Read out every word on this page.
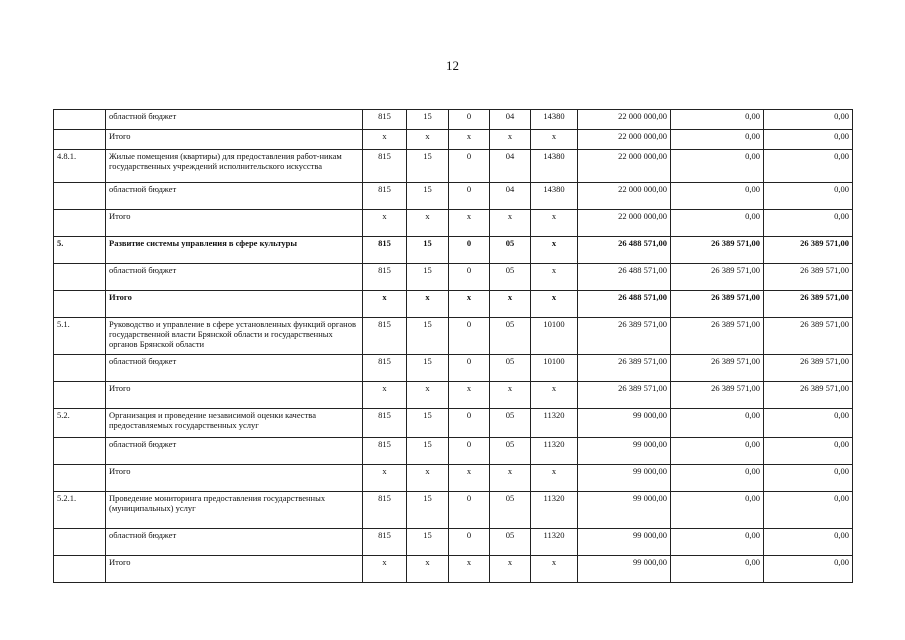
12
	областной бюджет	815	15	0	04	14380	22 000 000,00	0,00	0,00
	Итого	х	х	х	х	х	22 000 000,00	0,00	0,00
4.8.1.	Жилые помещения (квартиры) для предоставления работ-никам государственных учреждений исполнительского искусства	815	15	0	04	14380	22 000 000,00	0,00	0,00
	областной бюджет	815	15	0	04	14380	22 000 000,00	0,00	0,00
	Итого	х	х	х	х	х	22 000 000,00	0,00	0,00
5.	Развитие системы управления в сфере культуры	815	15	0	05	х	26 488 571,00	26 389 571,00	26 389 571,00
	областной бюджет	815	15	0	05	х	26 488 571,00	26 389 571,00	26 389 571,00
	Итого	х	х	х	х	х	26 488 571,00	26 389 571,00	26 389 571,00
5.1.	Руководство и управление в сфере установленных функций органов государственной власти Брянской области и государственных органов Брянской области	815	15	0	05	10100	26 389 571,00	26 389 571,00	26 389 571,00
	областной бюджет	815	15	0	05	10100	26 389 571,00	26 389 571,00	26 389 571,00
	Итого	х	х	х	х	х	26 389 571,00	26 389 571,00	26 389 571,00
5.2.	Организация и проведение независимой оценки качества предоставляемых государственных услуг	815	15	0	05	11320	99 000,00	0,00	0,00
	областной бюджет	815	15	0	05	11320	99 000,00	0,00	0,00
	Итого	х	х	х	х	х	99 000,00	0,00	0,00
5.2.1.	Проведение мониторинга предоставления государственных (муниципальных) услуг	815	15	0	05	11320	99 000,00	0,00	0,00
	областной бюджет	815	15	0	05	11320	99 000,00	0,00	0,00
	Итого	х	х	х	х	х	99 000,00	0,00	0,00
